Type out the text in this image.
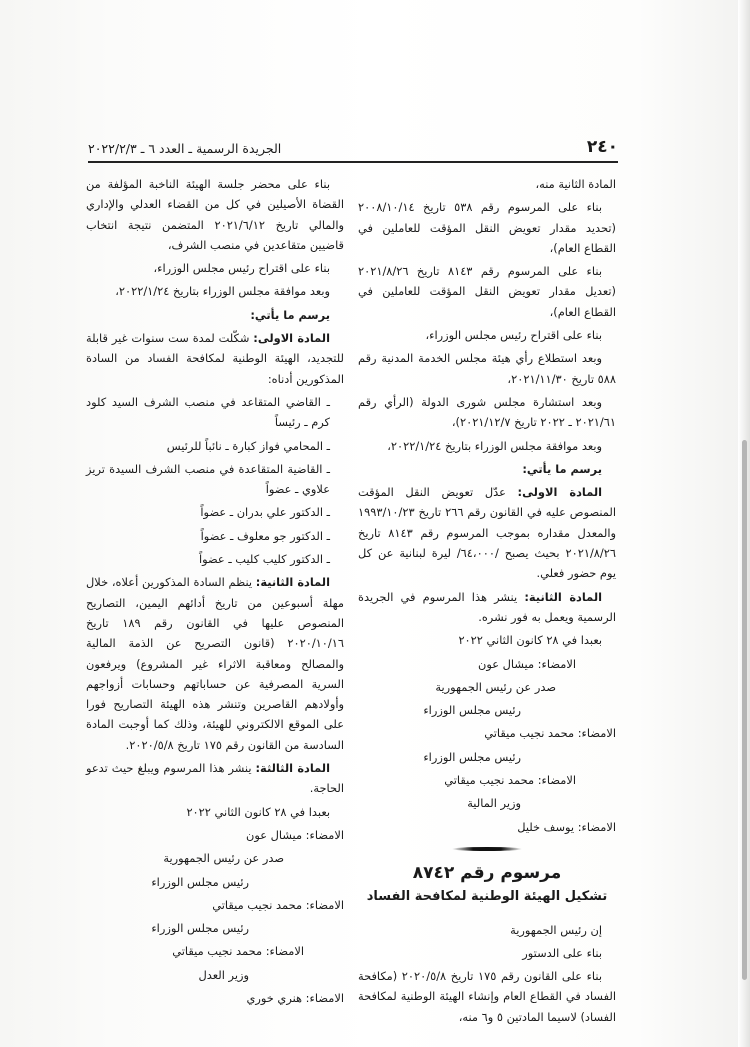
٢٤٠
الجريدة الرسمية ـ العدد ٦ ـ ٢٠٢٢/٢/٣

المادة الثانية منه،

بناء على المرسوم رقم ٥٣٨ تاريخ ٢٠٠٨/١٠/١٤ (تحديد مقدار تعويض النقل المؤقت للعاملين في القطاع العام)،

بناء على المرسوم رقم ٨١٤٣ تاريخ ٢٠٢١/٨/٢٦ (تعديل مقدار تعويض النقل المؤقت للعاملين في القطاع العام)،

بناء على اقتراح رئيس مجلس الوزراء،

وبعد استطلاع رأي هيئة مجلس الخدمة المدنية رقم ٥٨٨ تاريخ ٢٠٢١/١١/٣٠،

وبعد استشارة مجلس شورى الدولة (الرأي رقم ٢٠٢١/٦١ ـ ٢٠٢٢ تاريخ ٢٠٢١/١٢/٧)،

وبعد موافقة مجلس الوزراء بتاريخ ٢٠٢٢/١/٢٤،

يرسم ما يأتي:

المادة الاولى: عدّل تعويض النقل المؤقت المنصوص عليه في القانون رقم ٢٦٦ تاريخ ١٩٩٣/١٠/٢٣ والمعدل مقداره بموجب المرسوم رقم ٨١٤٣ تاريخ ٢٠٢١/٨/٢٦ بحيث يصبح /٦٤،٠٠٠/ ليرة لبنانية عن كل يوم حضور فعلي.

المادة الثانية: ينشر هذا المرسوم في الجريدة الرسمية ويعمل به فور نشره.

بعبدا في ٢٨ كانون الثاني ٢٠٢٢

الامضاء: ميشال عون

صدر عن رئيس الجمهورية

رئيس مجلس الوزراء

الامضاء: محمد نجيب ميقاتي

رئيس مجلس الوزراء

الامضاء: محمد نجيب ميقاتي

وزير المالية

الامضاء: يوسف خليل

مرسوم رقم ٨٧٤٢
تشكيل الهيئة الوطنية لمكافحة الفساد

إن رئيس الجمهورية

بناء على الدستور

بناء على القانون رقم ١٧٥ تاريخ ٢٠٢٠/٥/٨ (مكافحة الفساد في القطاع العام وإنشاء الهيئة الوطنية لمكافحة الفساد) لاسيما المادتين ٥ و٦ منه،

بناء على محضر جلسة الهيئة الناخبة المؤلفة من القضاة الأصيلين في كل من القضاء العدلي والإداري والمالي تاريخ ٢٠٢١/٦/١٢ المتضمن نتيجة انتخاب قاضيين متقاعدين في منصب الشرف،

بناء على اقتراح رئيس مجلس الوزراء،

وبعد موافقة مجلس الوزراء بتاريخ ٢٠٢٢/١/٢٤،

يرسم ما يأتي:

المادة الاولى: شكّلت لمدة ست سنوات غير قابلة للتجديد، الهيئة الوطنية لمكافحة الفساد من السادة المذكورين أدناه:

ـ القاضي المتقاعد في منصب الشرف السيد كلود كرم ـ رئيساً
ـ المحامي فواز كبارة ـ نائباً للرئيس
ـ القاضية المتقاعدة في منصب الشرف السيدة تريز علاوي ـ عضواً
ـ الدكتور علي بدران ـ عضواً
ـ الدكتور جو معلوف ـ عضواً
ـ الدكتور كليب كليب ـ عضواً

المادة الثانية: ينظم السادة المذكورين أعلاه، خلال مهلة أسبوعين من تاريخ أدائهم اليمين، التصاريح المنصوص عليها في القانون رقم ١٨٩ تاريخ ٢٠٢٠/١٠/١٦ (قانون التصريح عن الذمة المالية والمصالح ومعاقبة الاثراء غير المشروع) ويرفعون السرية المصرفية عن حساباتهم وحسابات أزواجهم وأولادهم القاصرين وتنشر هذه الهيئة التصاريح فورا على الموقع الالكتروني للهيئة، وذلك كما أوجبت المادة السادسة من القانون رقم ١٧٥ تاريخ ٢٠٢٠/٥/٨.

المادة الثالثة: ينشر هذا المرسوم ويبلغ حيث تدعو الحاجة.

بعبدا في ٢٨ كانون الثاني ٢٠٢٢

الامضاء: ميشال عون

صدر عن رئيس الجمهورية

رئيس مجلس الوزراء

الامضاء: محمد نجيب ميقاتي

رئيس مجلس الوزراء

الامضاء: محمد نجيب ميقاتي

وزير العدل

الامضاء: هنري خوري
